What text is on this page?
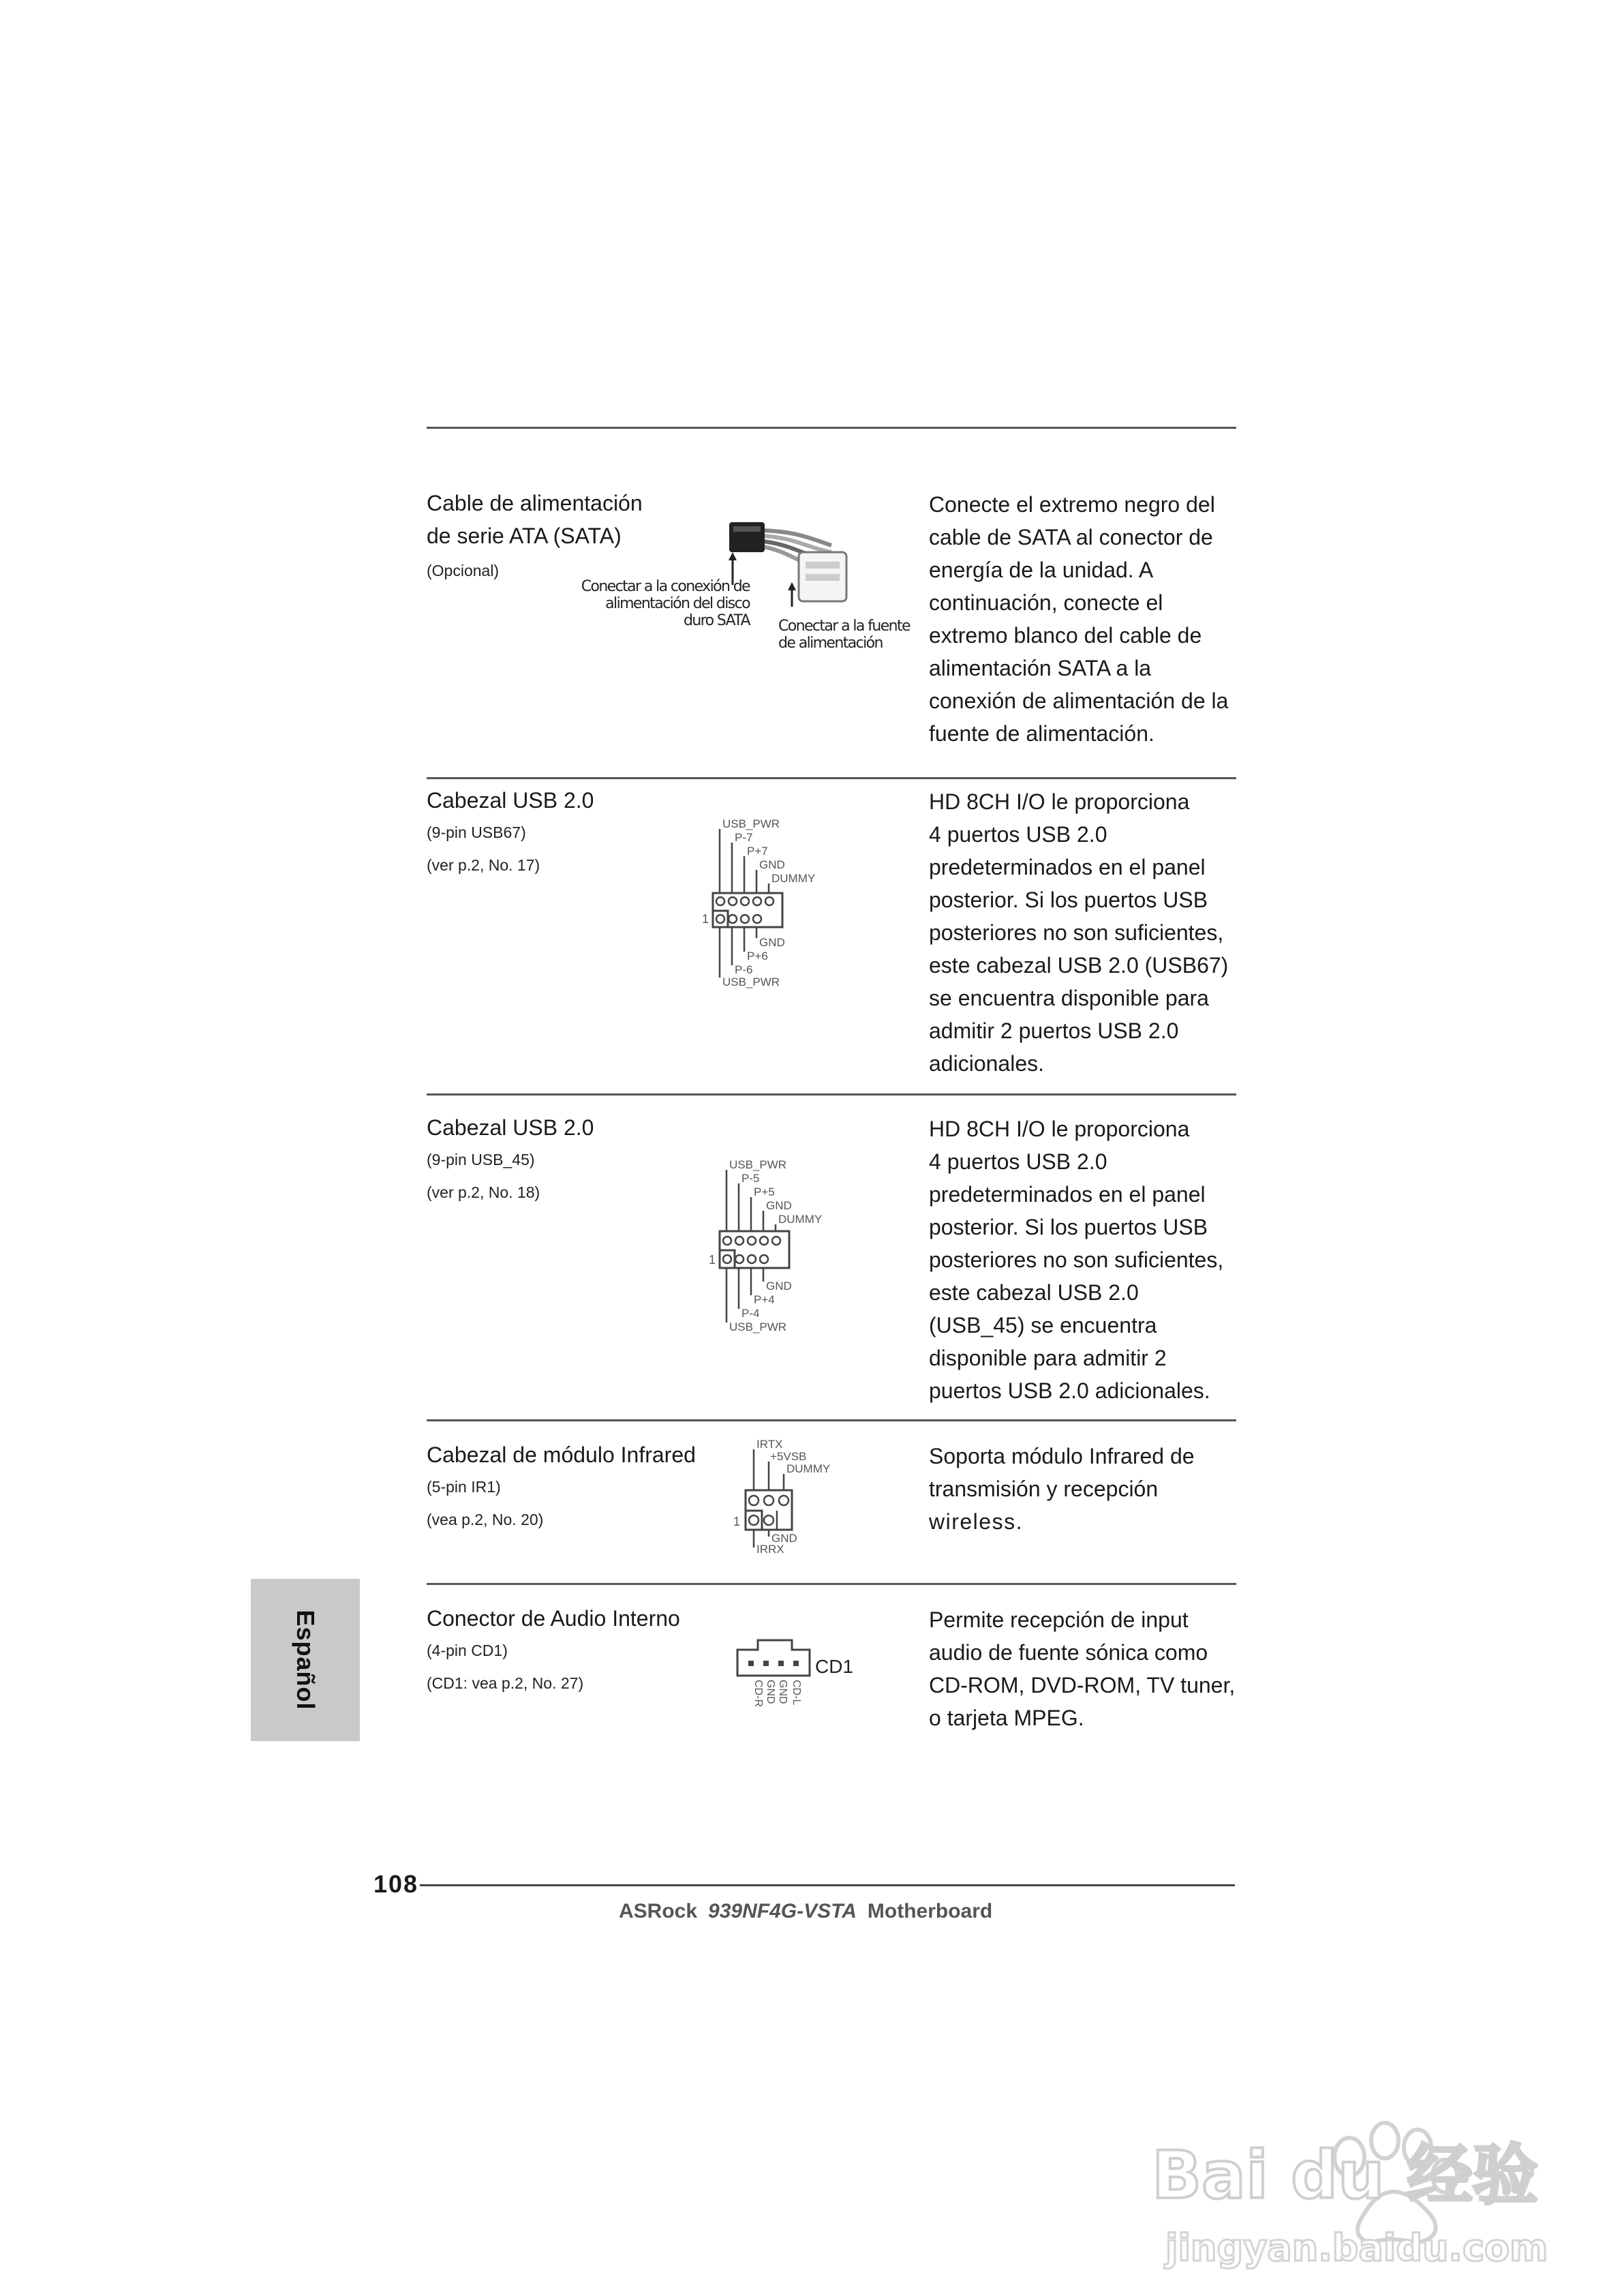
Cable de alimentación
de serie ATA (SATA)
(Opcional)
Conectar a la conexión de
alimentación del disco
duro SATA Conectar a la fuente
de alimentación
Conecte el extremo negro del
cable de SATA al conector de
energía de la unidad. A
continuación, conecte el
extremo blanco del cable de
alimentación SATA a la
conexión de alimentación de la
fuente de alimentación.
Cabezal USB 2.0
(9-pin USB67)
(ver p.2, No. 17)
USB_PWR
P-7
P+7
GND
DUMMY
GND
P+6
P-6
USB_PWR
1
HD 8CH I/O le proporciona
4 puertos USB 2.0
predeterminados en el panel
posterior. Si los puertos USB
posteriores no son suficientes,
este cabezal USB 2.0 (USB67)
se encuentra disponible para
admitir 2 puertos USB 2.0
adicionales.
Cabezal USB 2.0
(9-pin USB_45)
(ver p.2, No. 18)
USB_PWR
P-5
P+5
GND
DUMMY
GND
P+4
P-4
USB_PWR
1
HD 8CH I/O le proporciona
4 puertos USB 2.0
predeterminados en el panel
posterior. Si los puertos USB
posteriores no son suficientes,
este cabezal USB 2.0
(USB_45) se encuentra
disponible para admitir 2
puertos USB 2.0 adicionales.
Cabezal de módulo Infrared
(5-pin IR1)
(vea p.2, No. 20)
IRTX
+5VSB
DUMMY
GND
IRRX
1
Soporta módulo Infrared de
transmisión y recepción
wireless.
Conector de Audio Interno
(4-pin CD1)
(CD1: vea p.2, No. 27)	CD-R GND GND CD-L
CD1
Permite recepción de input
audio de fuente sónica como
CD-ROM, DVD-ROM, TV tuner,
o tarjeta MPEG.
Español
108
ASRock 939NF4G-VSTA Motherboard
Bai du 经验
jingyan.baidu.com
